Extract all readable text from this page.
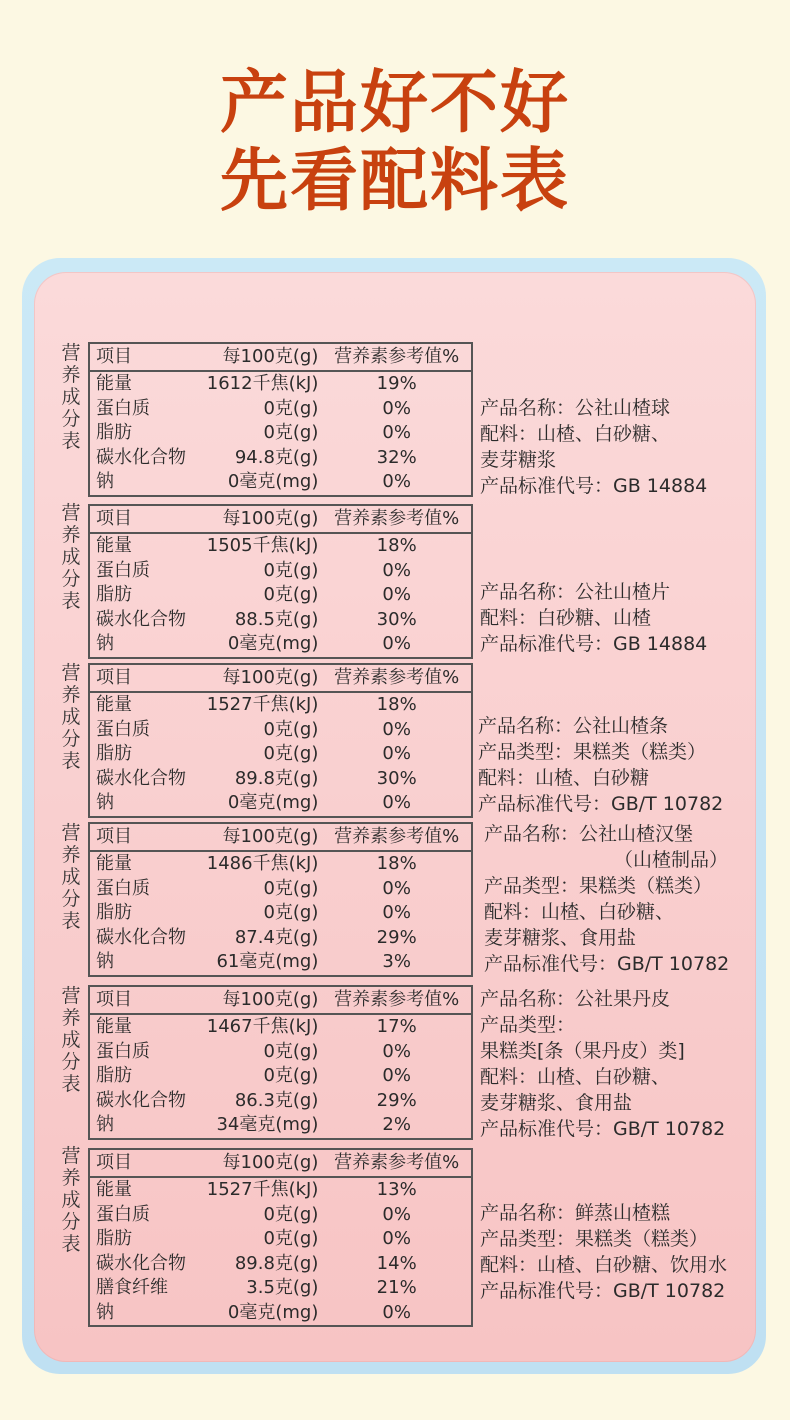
产品好不好
先看配料表
营
养
成
分
表
项目	每100克(g)	营养素参考值%
能量	1612千焦(kJ)	19%
蛋白质	0克(g)	0%
脂肪	0克(g)	0%
碳水化合物	94.8克(g)	32%
钠	0毫克(mg)	0%
产品名称：公社山楂球
配料：山楂、白砂糖、
麦芽糖浆
产品标准代号：GB 14884
营
养
成
分
表
项目	每100克(g)	营养素参考值%
能量	1505千焦(kJ)	18%
蛋白质	0克(g)	0%
脂肪	0克(g)	0%
碳水化合物	88.5克(g)	30%
钠	0毫克(mg)	0%
产品名称：公社山楂片
配料：白砂糖、山楂
产品标准代号：GB 14884
营
养
成
分
表
项目	每100克(g)	营养素参考值%
能量	1527千焦(kJ)	18%
蛋白质	0克(g)	0%
脂肪	0克(g)	0%
碳水化合物	89.8克(g)	30%
钠	0毫克(mg)	0%
产品名称：公社山楂条
产品类型：果糕类（糕类）
配料：山楂、白砂糖
产品标准代号：GB/T 10782
营
养
成
分
表
项目	每100克(g)	营养素参考值%
能量	1486千焦(kJ)	18%
蛋白质	0克(g)	0%
脂肪	0克(g)	0%
碳水化合物	87.4克(g)	29%
钠	61毫克(mg)	3%
产品名称：公社山楂汉堡
（山楂制品）
产品类型：果糕类（糕类）
配料：山楂、白砂糖、
麦芽糖浆、食用盐
产品标准代号：GB/T 10782
营
养
成
分
表
项目	每100克(g)	营养素参考值%
能量	1467千焦(kJ)	17%
蛋白质	0克(g)	0%
脂肪	0克(g)	0%
碳水化合物	86.3克(g)	29%
钠	34毫克(mg)	2%
产品名称：公社果丹皮
产品类型：
果糕类[条（果丹皮）类]
配料：山楂、白砂糖、
麦芽糖浆、食用盐
产品标准代号：GB/T 10782
营
养
成
分
表
项目	每100克(g)	营养素参考值%
能量	1527千焦(kJ)	13%
蛋白质	0克(g)	0%
脂肪	0克(g)	0%
碳水化合物	89.8克(g)	14%
膳食纤维	3.5克(g)	21%
钠	0毫克(mg)	0%
产品名称：鲜蒸山楂糕
产品类型：果糕类（糕类）
配料：山楂、白砂糖、饮用水
产品标准代号：GB/T 10782
